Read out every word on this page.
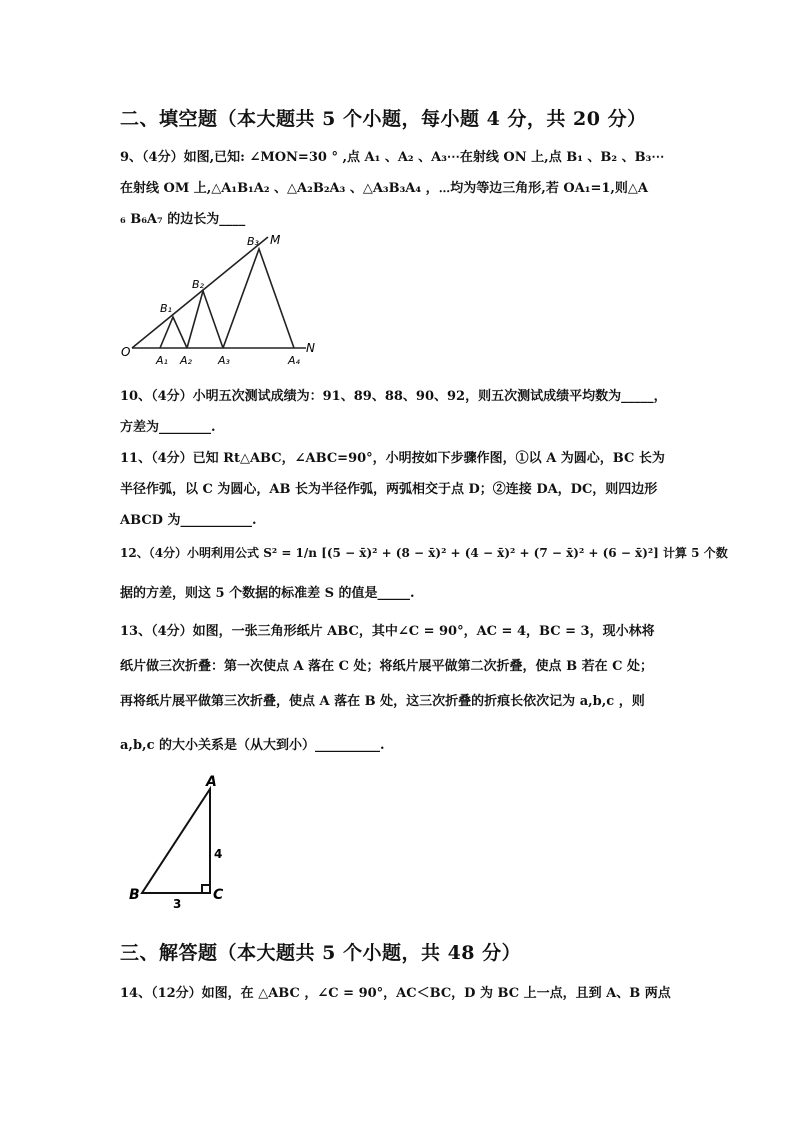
二、填空题（本大题共 5 个小题，每小题 4 分，共 20 分）
9、（4分）如图,已知: ∠MON=30 ° ,点 A₁ 、A₂ 、A₃⋯在射线 ON 上,点 B₁ 、B₂ 、B₃⋯
在射线 OM 上,△A₁B₁A₂ 、△A₂B₂A₃ 、△A₃B₃A₄ ，⋯均为等边三角形,若 OA₁=1,则△A
₆ B₆A₇ 的边长为____
O	N
M
A₁ A₂ A₃	A₄
B₁
B₂
B₃
10、（4分）小明五次测试成绩为：91、89、88、90、92，则五次测试成绩平均数为_____，
方差为________.
11、（4分）已知 Rt△ABC，∠ABC=90°，小明按如下步骤作图，①以 A 为圆心，BC 长为
半径作弧，以 C 为圆心，AB 长为半径作弧，两弧相交于点 D；②连接 DA，DC，则四边形
ABCD 为___________.
12、（4分）小明利用公式 S² = 1/n [(5 − x̄)² + (8 − x̄)² + (4 − x̄)² + (7 − x̄)² + (6 − x̄)²] 计算 5 个数
据的方差，则这 5 个数据的标准差 S 的值是_____.
13、（4分）如图，一张三角形纸片 ABC，其中∠C = 90°，AC = 4，BC = 3，现小林将
纸片做三次折叠：第一次使点 A 落在 C 处；将纸片展平做第二次折叠，使点 B 若在 C 处；
再将纸片展平做第三次折叠，使点 A 落在 B 处，这三次折叠的折痕长依次记为 a,b,c ，则
a,b,c 的大小关系是（从大到小）__________.
A
B	C
4
3
三、解答题（本大题共 5 个小题，共 48 分）
14、（12分）如图，在 △ABC ，∠C = 90°，AC＜BC，D 为 BC 上一点，且到 A、B 两点
